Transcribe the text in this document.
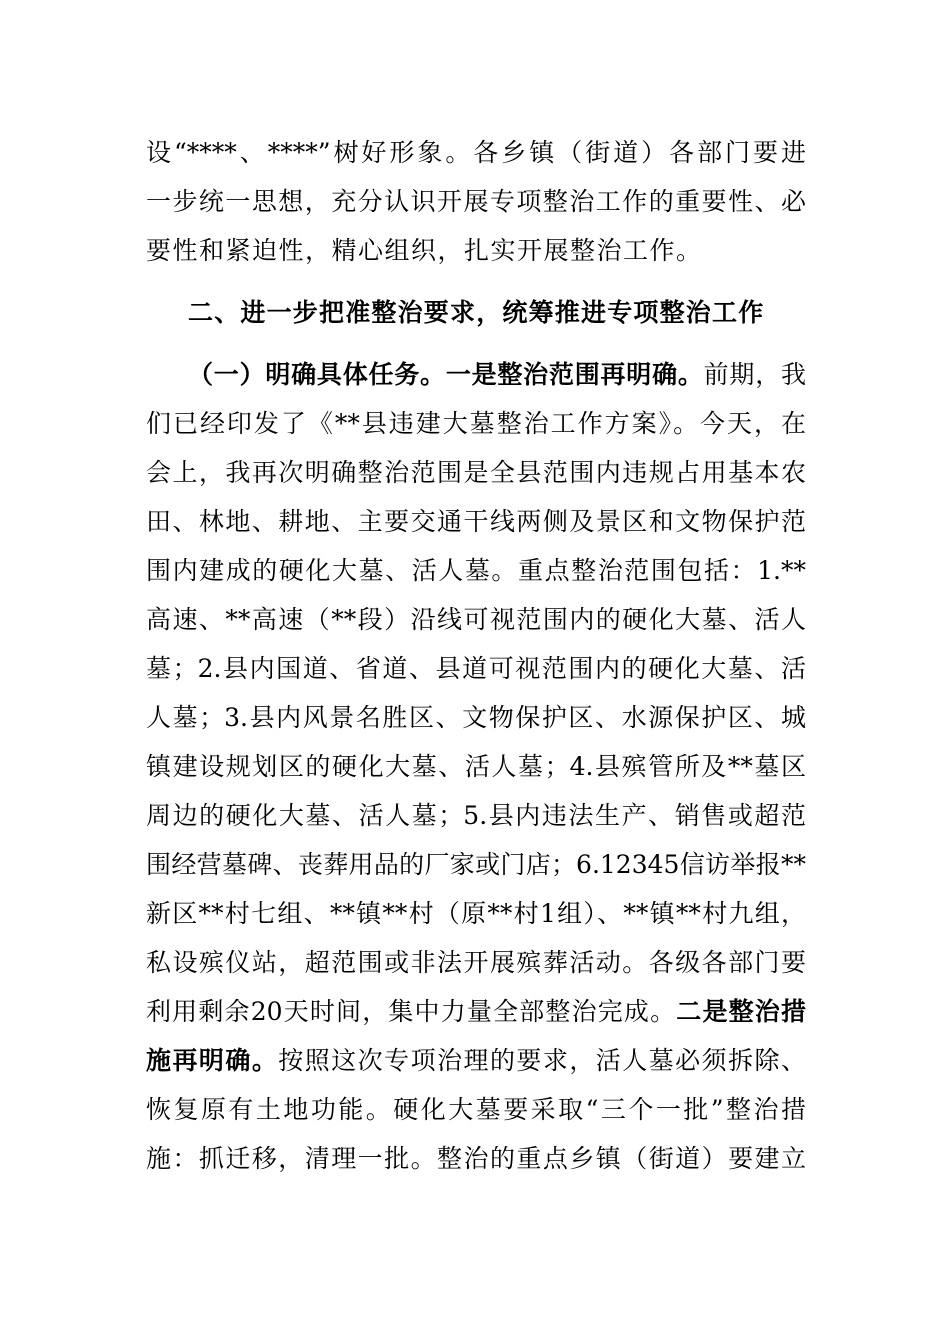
设“****、****”树好形象。各乡镇（街道）各部门要进
一步统一思想，充分认识开展专项整治工作的重要性、必
要性和紧迫性，精心组织，扎实开展整治工作。
二、进一步把准整治要求，统筹推进专项整治工作
（一）明确具体任务。一是整治范围再明确。前期，我
们已经印发了《**县违建大墓整治工作方案》。今天，在
会上，我再次明确整治范围是全县范围内违规占用基本农
田、林地、耕地、主要交通干线两侧及景区和文物保护范
围内建成的硬化大墓、活人墓。重点整治范围包括：1.**
高速、**高速（**段）沿线可视范围内的硬化大墓、活人
墓；2.县内国道、省道、县道可视范围内的硬化大墓、活
人墓；3.县内风景名胜区、文物保护区、水源保护区、城
镇建设规划区的硬化大墓、活人墓；4.县殡管所及**墓区
周边的硬化大墓、活人墓；5.县内违法生产、销售或超范
围经营墓碑、丧葬用品的厂家或门店；6.12345信访举报**
新区**村七组、**镇**村（原**村1组）、**镇**村九组，
私设殡仪站，超范围或非法开展殡葬活动。各级各部门要
利用剩余20天时间，集中力量全部整治完成。二是整治措
施再明确。按照这次专项治理的要求，活人墓必须拆除、
恢复原有土地功能。硬化大墓要采取“三个一批”整治措
施：抓迁移，清理一批。整治的重点乡镇（街道）要建立
